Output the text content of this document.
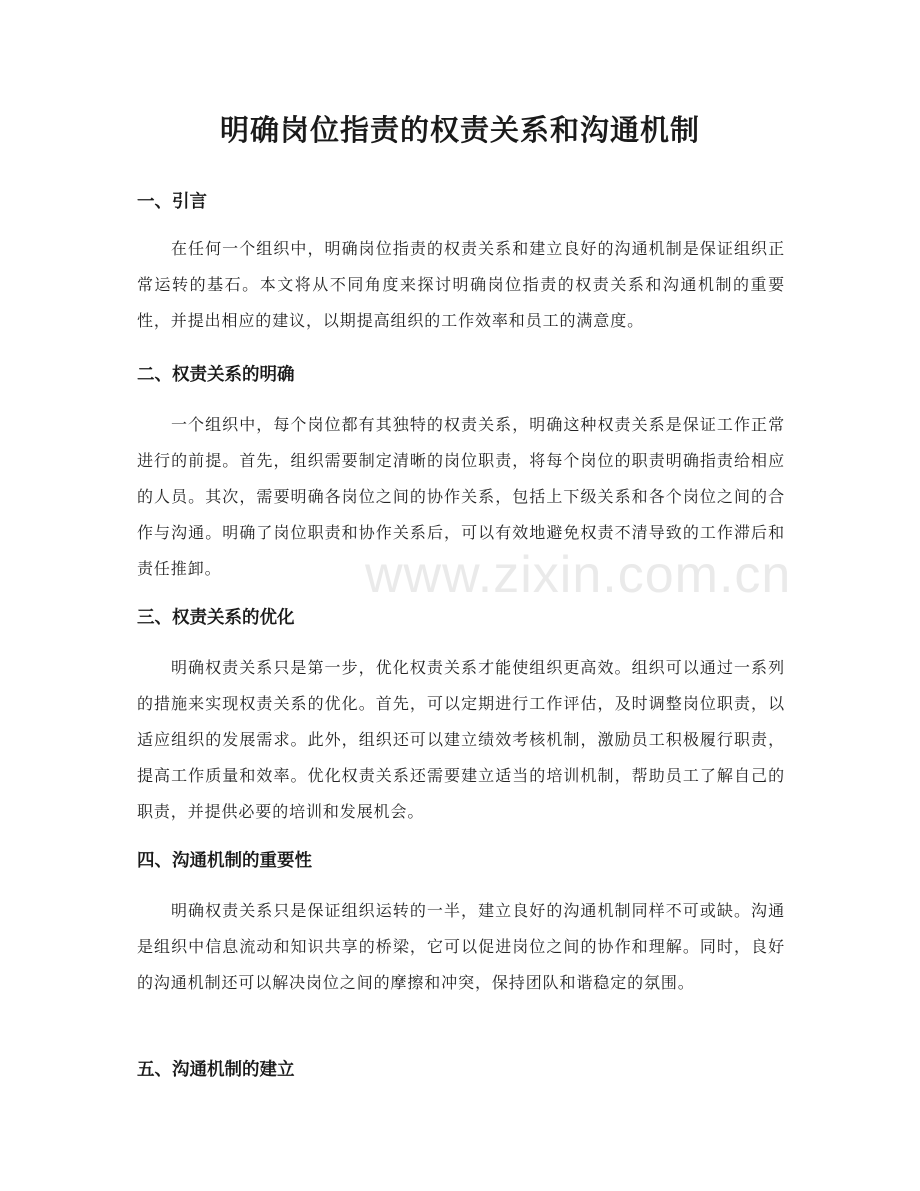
明确岗位指责的权责关系和沟通机制
一、引言

在任何一个组织中，明确岗位指责的权责关系和建立良好的沟通机制是保证组织正常运转的基石。本文将从不同角度来探讨明确岗位指责的权责关系和沟通机制的重要性，并提出相应的建议，以期提高组织的工作效率和员工的满意度。

二、权责关系的明确

一个组织中，每个岗位都有其独特的权责关系，明确这种权责关系是保证工作正常进行的前提。首先，组织需要制定清晰的岗位职责，将每个岗位的职责明确指责给相应的人员。其次，需要明确各岗位之间的协作关系，包括上下级关系和各个岗位之间的合作与沟通。明确了岗位职责和协作关系后，可以有效地避免权责不清导致的工作滞后和责任推卸。

三、权责关系的优化

明确权责关系只是第一步，优化权责关系才能使组织更高效。组织可以通过一系列的措施来实现权责关系的优化。首先，可以定期进行工作评估，及时调整岗位职责，以适应组织的发展需求。此外，组织还可以建立绩效考核机制，激励员工积极履行职责，提高工作质量和效率。优化权责关系还需要建立适当的培训机制，帮助员工了解自己的职责，并提供必要的培训和发展机会。

四、沟通机制的重要性

明确权责关系只是保证组织运转的一半，建立良好的沟通机制同样不可或缺。沟通是组织中信息流动和知识共享的桥梁，它可以促进岗位之间的协作和理解。同时，良好的沟通机制还可以解决岗位之间的摩擦和冲突，保持团队和谐稳定的氛围。

五、沟通机制的建立
www.zixin.com.cn
